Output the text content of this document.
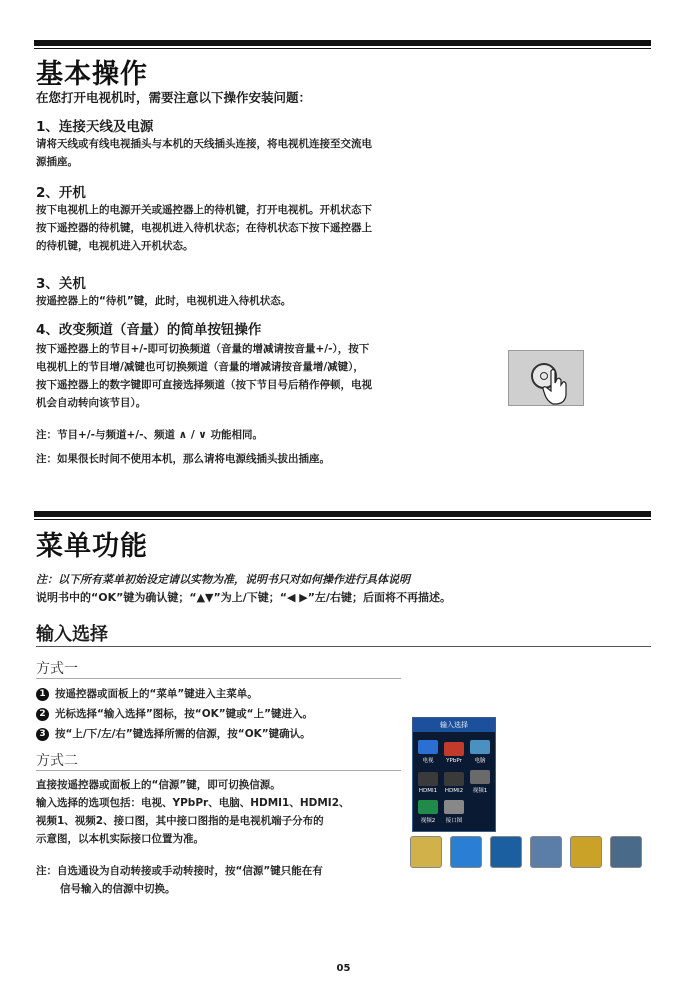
基本操作
在您打开电视机时，需要注意以下操作安装问题：
1、连接天线及电源
请将天线或有线电视插头与本机的天线插头连接，将电视机连接至交流电
源插座。
2、开机
按下电视机上的电源开关或遥控器上的待机键，打开电视机。开机状态下
按下遥控器的待机键，电视机进入待机状态；在待机状态下按下遥控器上
的待机键，电视机进入开机状态。
3、关机
按遥控器上的“待机”键，此时，电视机进入待机状态。
4、改变频道（音量）的简单按钮操作
按下遥控器上的节目+/-即可切换频道（音量的增减请按音量+/-），按下
电视机上的节目增/减键也可切换频道（音量的增减请按音量增/减键），
按下遥控器上的数字键即可直接选择频道（按下节目号后稍作停顿，电视
机会自动转向该节目）。
注：节目+/-与频道+/-、频道 ∧ / ∨ 功能相同。
注：如果很长时间不使用本机，那么请将电源线插头拔出插座。
菜单功能
注：以下所有菜单初始设定请以实物为准，说明书只对如何操作进行具体说明
说明书中的“OK”键为确认键；“▲▼”为上/下键；“◀ ▶”左/右键；后面将不再描述。
输入选择
方式一
1 按遥控器或面板上的“菜单”键进入主菜单。
2 光标选择“输入选择”图标，按“OK”键或“上”键进入。
3 按“上/下/左/右”键选择所需的信源，按“OK”键确认。
方式二
直接按遥控器或面板上的“信源”键，即可切换信源。
输入选择的选项包括：电视、YPbPr、电脑、HDMI1、HDMI2、
视频1、视频2、接口图，其中接口图指的是电视机端子分布的
示意图，以本机实际接口位置为准。
注：自选通设为自动转接或手动转接时，按“信源”键只能在有
信号输入的信源中切换。
输入选择
电视 YPbPr 电脑
HDMI1 HDMI2 视频1
视频2 接口图
05
